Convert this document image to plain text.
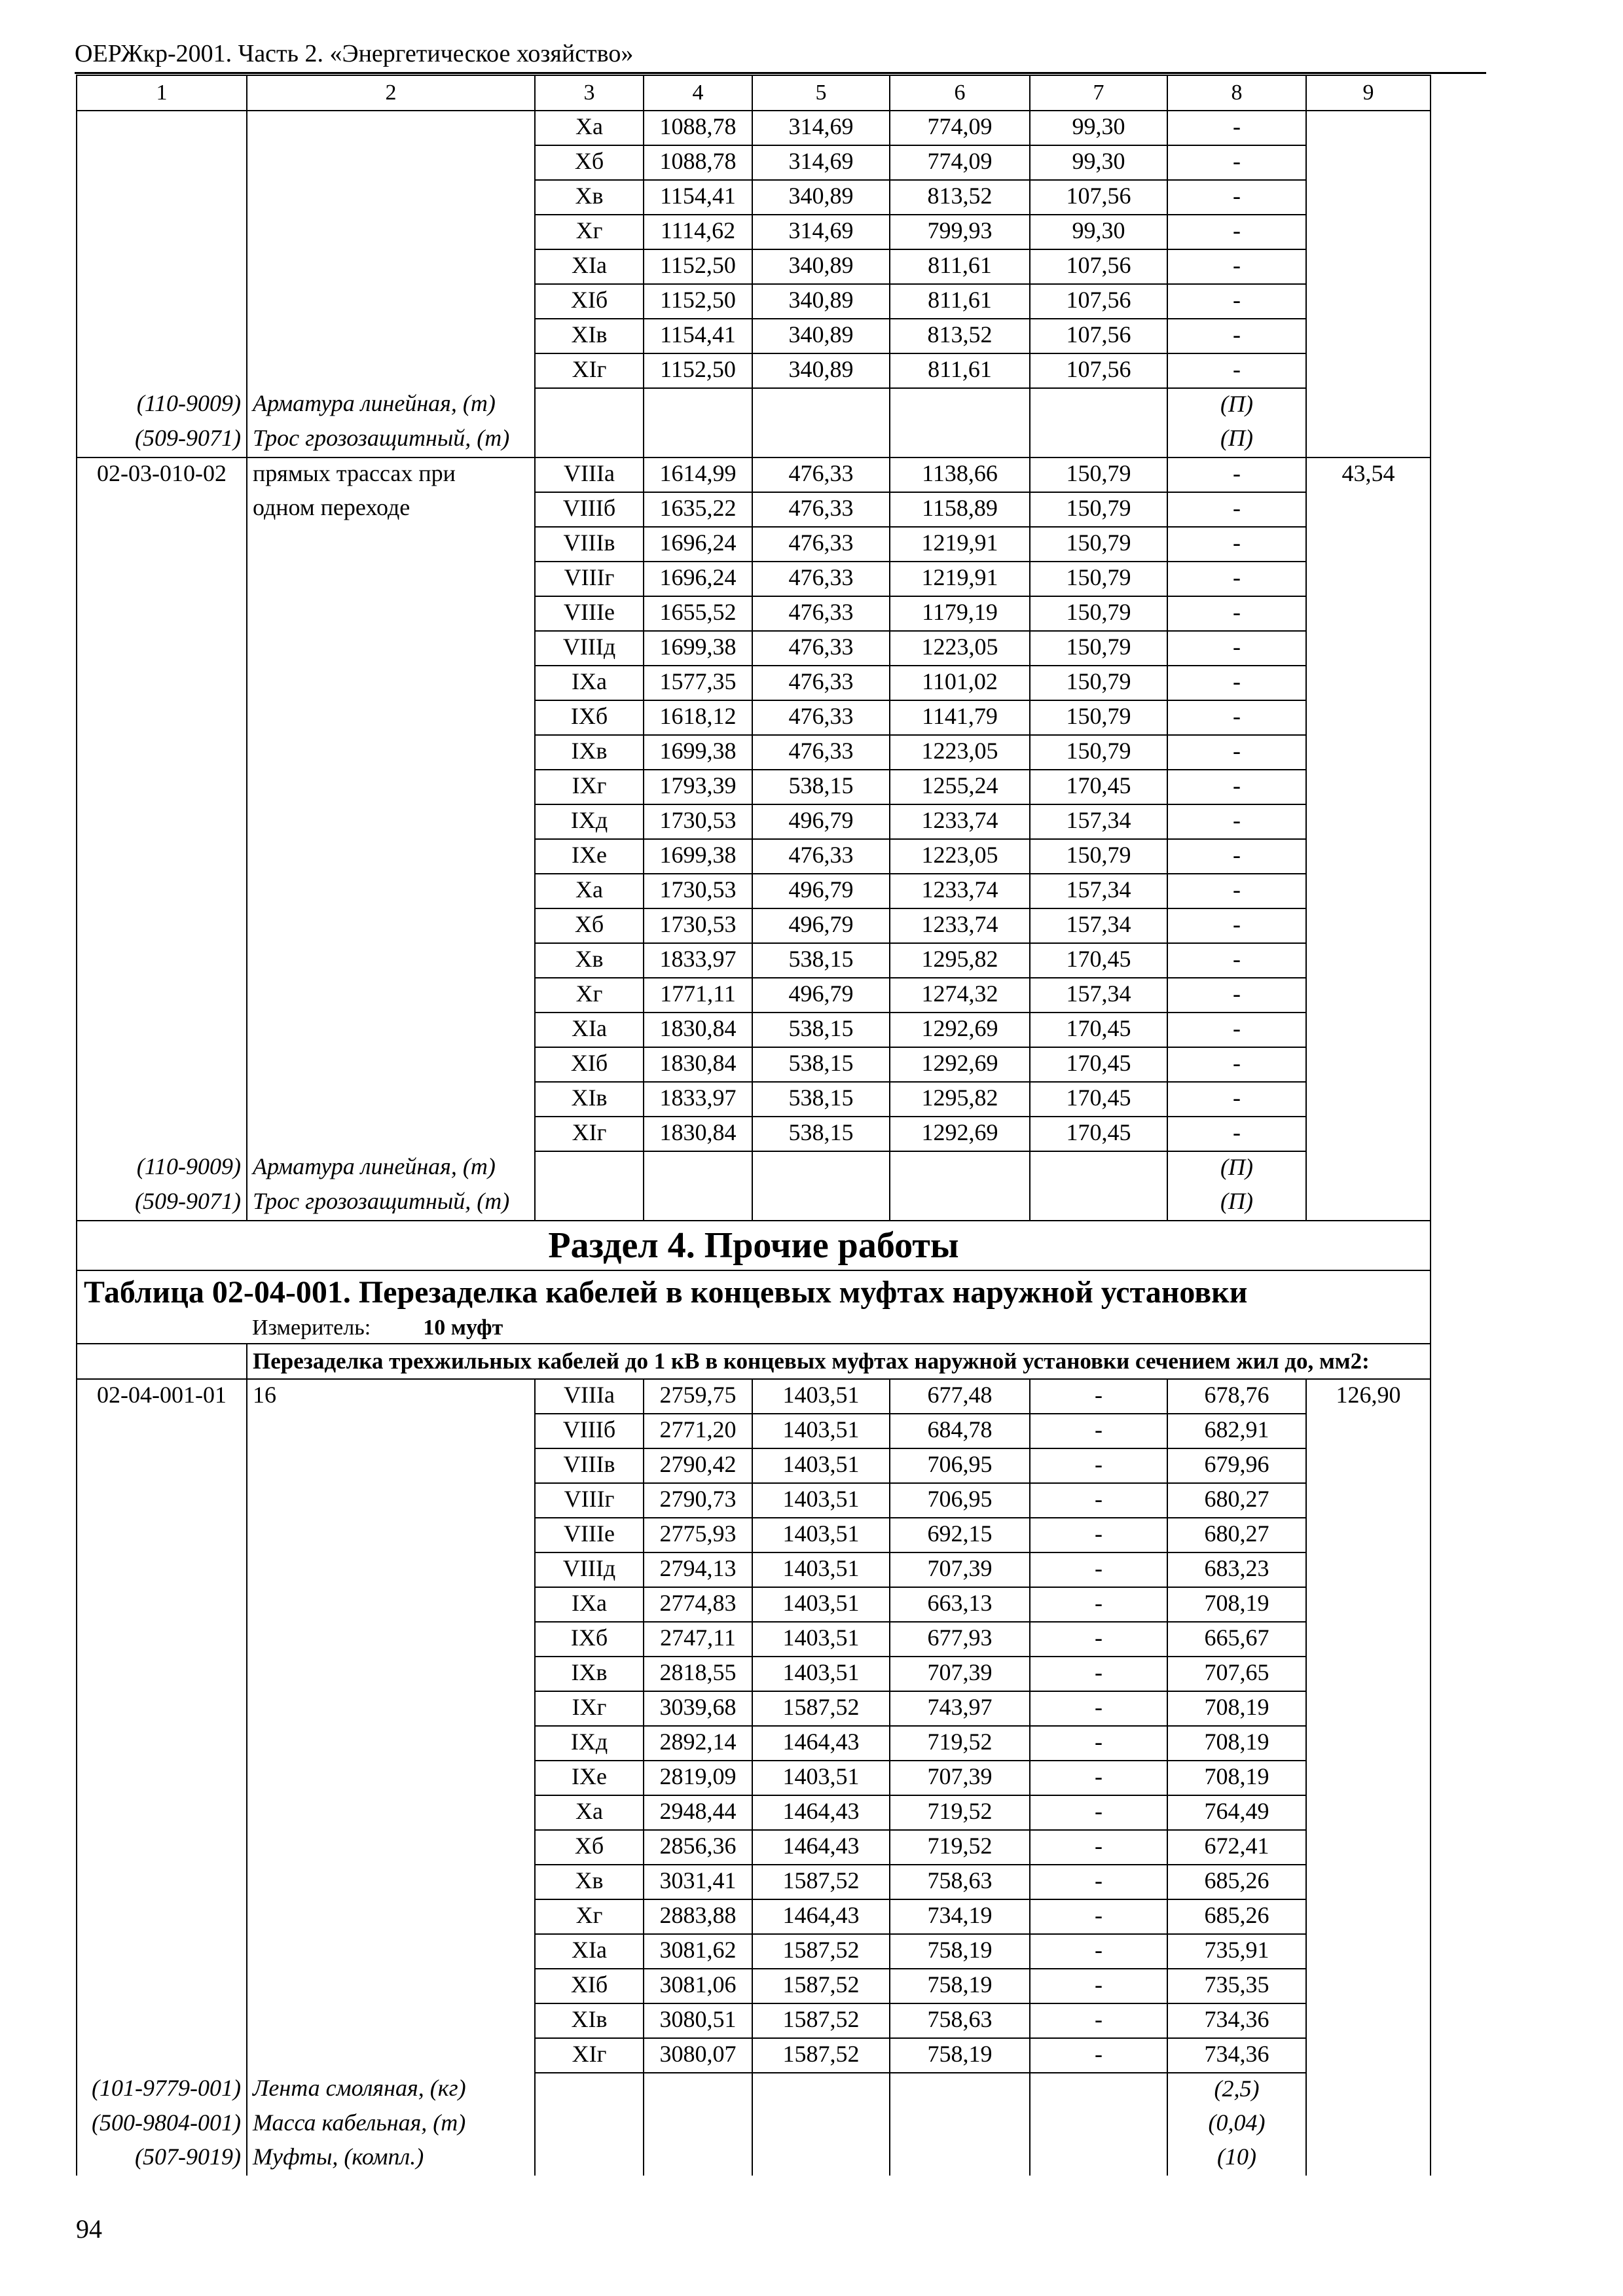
ОЕРЖкр-2001. Часть 2. «Энергетическое хозяйство»
1	2	3	4	5	6	7	8	9
		Xa	1088,78	314,69	774,09	99,30	-	
		Xб	1088,78	314,69	774,09	99,30	-	
		Xв	1154,41	340,89	813,52	107,56	-	
		Xг	1114,62	314,69	799,93	99,30	-	
		XIa	1152,50	340,89	811,61	107,56	-	
		XIб	1152,50	340,89	811,61	107,56	-	
		XIв	1154,41	340,89	813,52	107,56	-	
		XIг	1152,50	340,89	811,61	107,56	-	
(110-9009)	Арматура линейная, (т)						(П)	
(509-9071)	Трос грозозащитный, (т)						(П)	
02-03-010-02	прямых трассах при	VIIIa	1614,99	476,33	1138,66	150,79	-	43,54
	одном переходе	VIIIб	1635,22	476,33	1158,89	150,79	-	
		VIIIв	1696,24	476,33	1219,91	150,79	-	
		VIIIг	1696,24	476,33	1219,91	150,79	-	
		VIIIe	1655,52	476,33	1179,19	150,79	-	
		VIIIд	1699,38	476,33	1223,05	150,79	-	
		IXa	1577,35	476,33	1101,02	150,79	-	
		IXб	1618,12	476,33	1141,79	150,79	-	
		IXв	1699,38	476,33	1223,05	150,79	-	
		IXг	1793,39	538,15	1255,24	170,45	-	
		IXд	1730,53	496,79	1233,74	157,34	-	
		IXe	1699,38	476,33	1223,05	150,79	-	
		Xa	1730,53	496,79	1233,74	157,34	-	
		Xб	1730,53	496,79	1233,74	157,34	-	
		Xв	1833,97	538,15	1295,82	170,45	-	
		Xг	1771,11	496,79	1274,32	157,34	-	
		XIa	1830,84	538,15	1292,69	170,45	-	
		XIб	1830,84	538,15	1292,69	170,45	-	
		XIв	1833,97	538,15	1295,82	170,45	-	
		XIг	1830,84	538,15	1292,69	170,45	-	
(110-9009)	Арматура линейная, (т)						(П)	
(509-9071)	Трос грозозащитный, (т)						(П)	
Раздел 4. Прочие работы								
Таблица 02-04-001. Перезаделка кабелей в концевых муфтах наружной установки								
	Измеритель: 10 муфт							
	Перезаделка трехжильных кабелей до 1 кВ в концевых муфтах наружной установки сечением жил до, мм2:							
02-04-001-01	16	VIIIa	2759,75	1403,51	677,48	-	678,76	126,90
		VIIIб	2771,20	1403,51	684,78	-	682,91	
		VIIIв	2790,42	1403,51	706,95	-	679,96	
		VIIIг	2790,73	1403,51	706,95	-	680,27	
		VIIIe	2775,93	1403,51	692,15	-	680,27	
		VIIIд	2794,13	1403,51	707,39	-	683,23	
		IXa	2774,83	1403,51	663,13	-	708,19	
		IXб	2747,11	1403,51	677,93	-	665,67	
		IXв	2818,55	1403,51	707,39	-	707,65	
		IXг	3039,68	1587,52	743,97	-	708,19	
		IXд	2892,14	1464,43	719,52	-	708,19	
		IXe	2819,09	1403,51	707,39	-	708,19	
		Xa	2948,44	1464,43	719,52	-	764,49	
		Xб	2856,36	1464,43	719,52	-	672,41	
		Xв	3031,41	1587,52	758,63	-	685,26	
		Xг	2883,88	1464,43	734,19	-	685,26	
		XIa	3081,62	1587,52	758,19	-	735,91	
		XIб	3081,06	1587,52	758,19	-	735,35	
		XIв	3080,51	1587,52	758,63	-	734,36	
		XIг	3080,07	1587,52	758,19	-	734,36	
(101-9779-001)	Лента смоляная, (кг)						(2,5)	
(500-9804-001)	Масса кабельная, (т)						(0,04)	
(507-9019)	Муфты, (компл.)						(10)	
94
